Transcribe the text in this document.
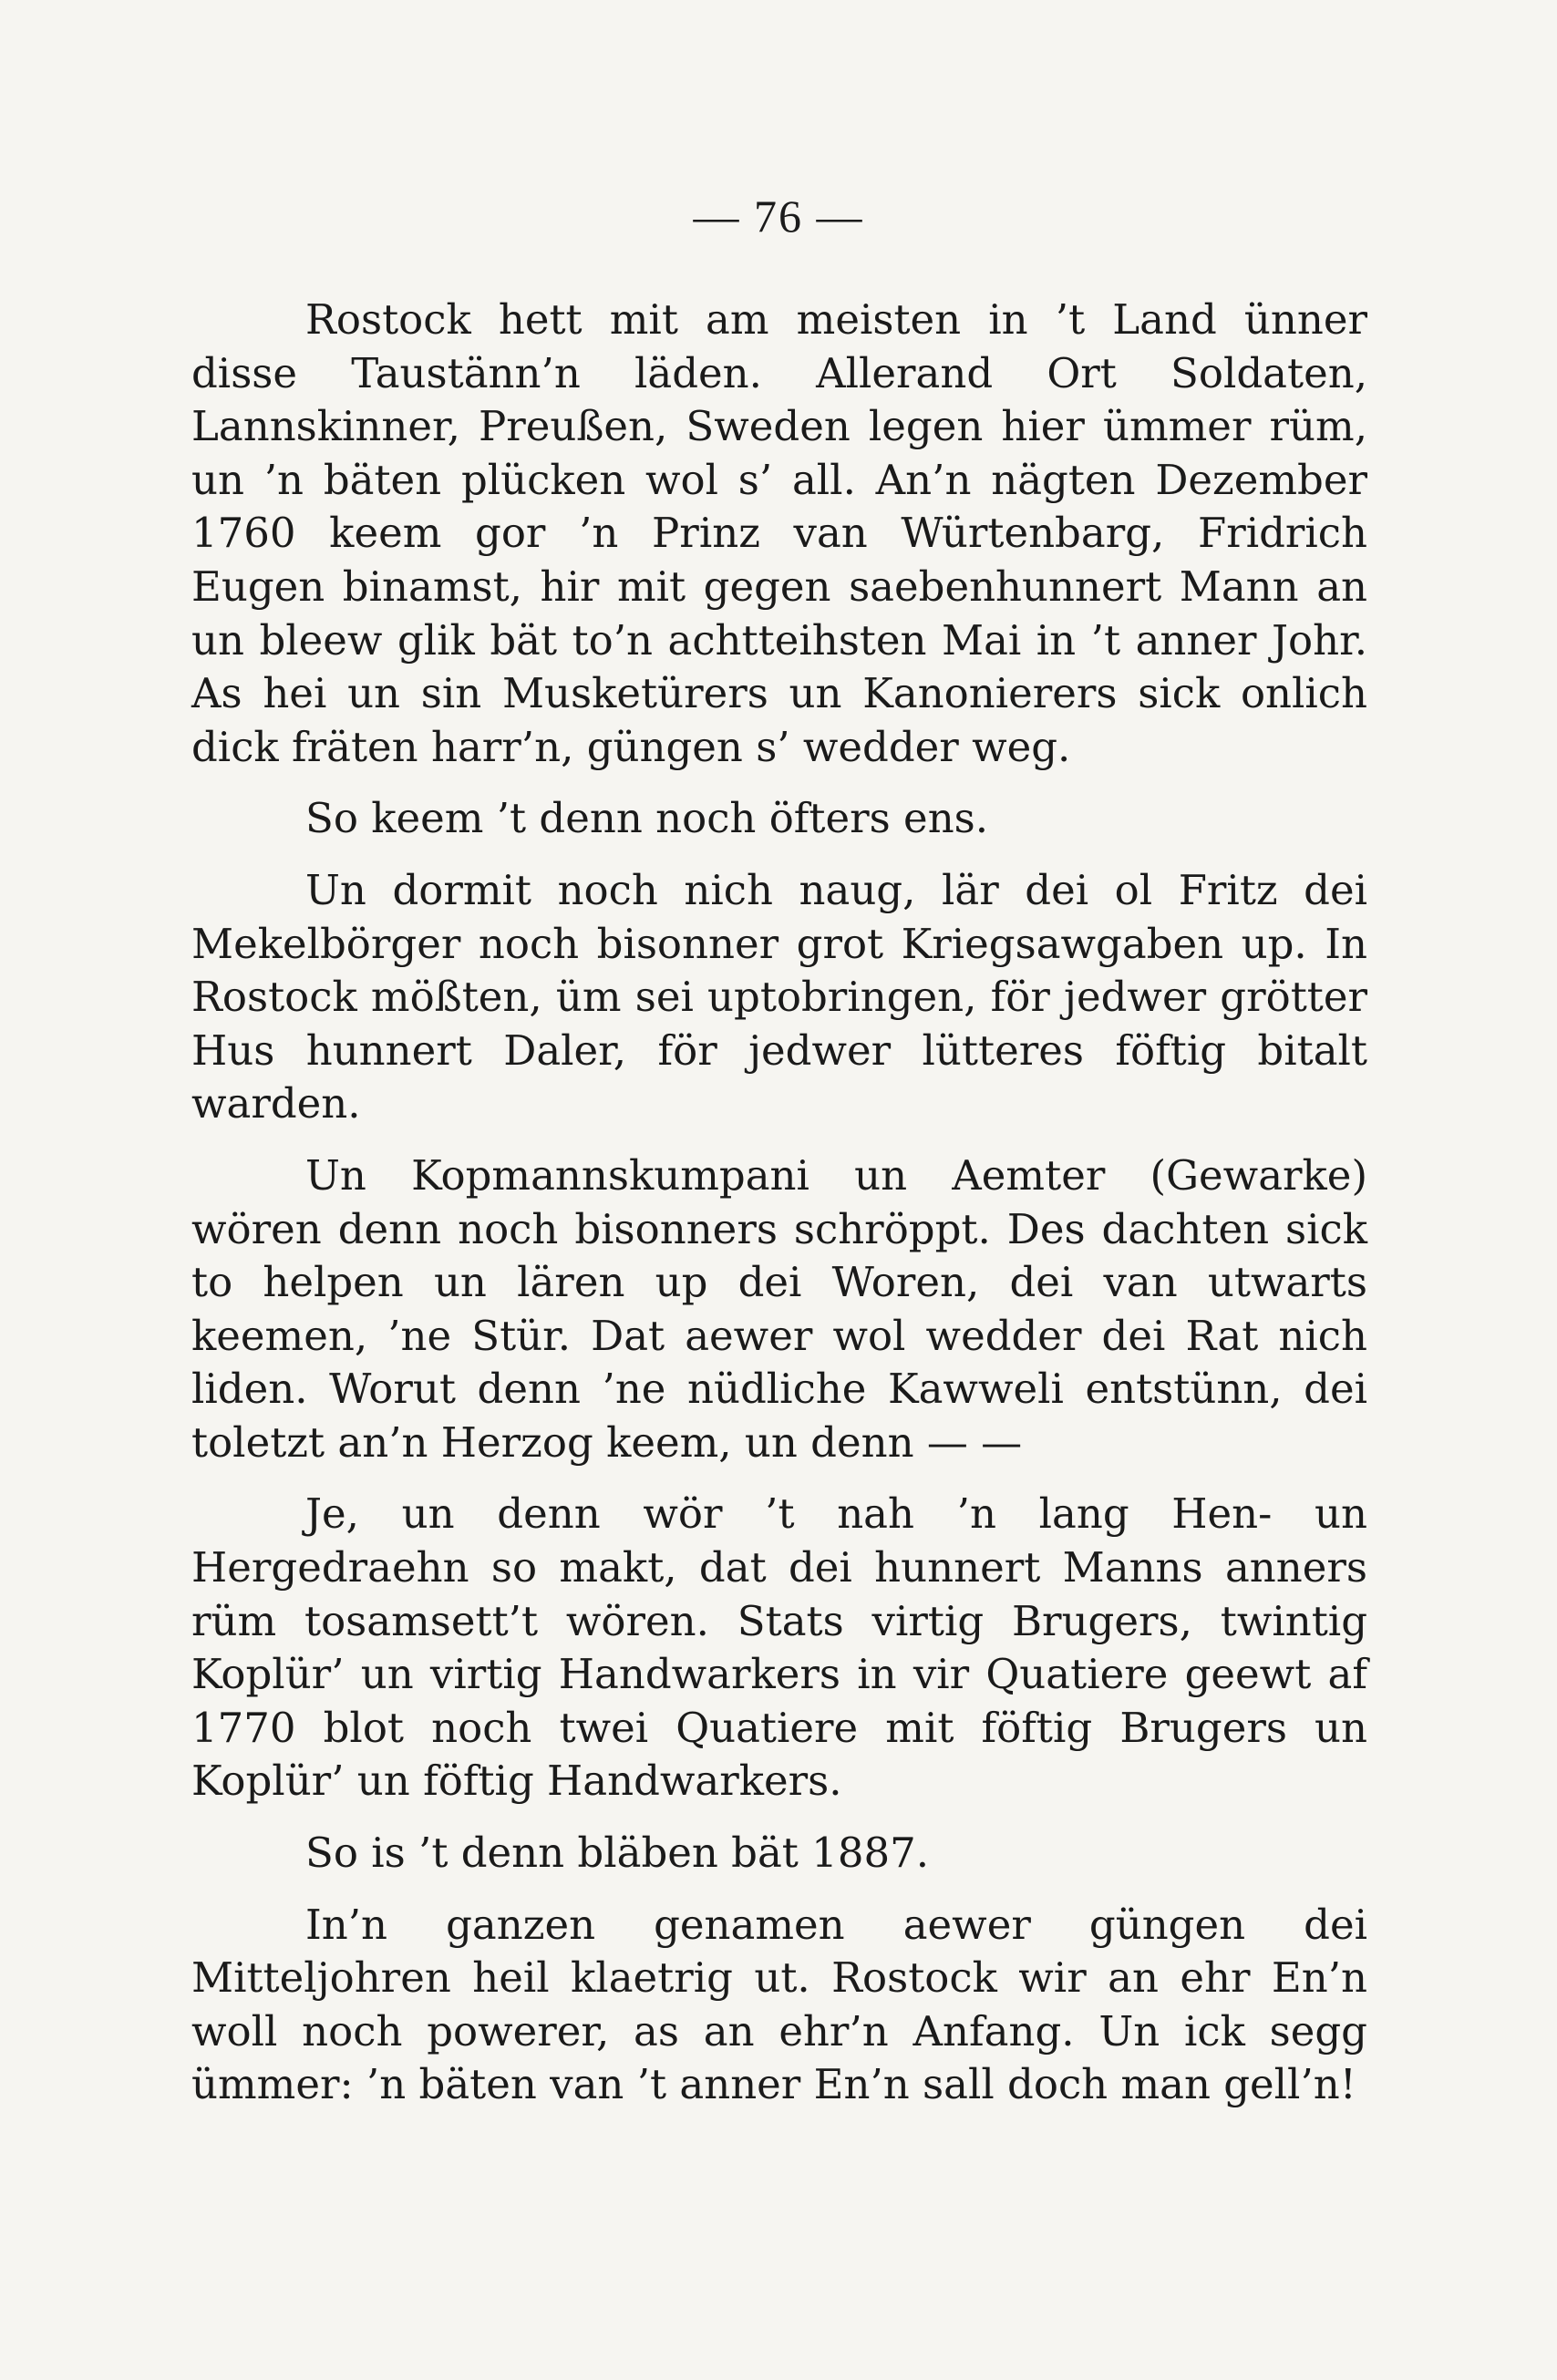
— 76 —

Rostock hett mit am meisten in ’t Land ünner disse Taustänn’n läden. Allerand Ort Soldaten, Lannskinner, Preußen, Sweden legen hier ümmer rüm, un ’n bäten plücken wol s’ all. An’n nägten Dezember 1760 keem gor ’n Prinz van Würtenbarg, Fridrich Eugen binamst, hir mit gegen saebenhunnert Mann an un bleew glik bät to’n achtteihsten Mai in ’t anner Johr. As hei un sin Musketürers un Kanonierers sick onlich dick fräten harr’n, güngen s’ wedder weg.

So keem ’t denn noch öfters ens.

Un dormit noch nich naug, lär dei ol Fritz dei Mekelbörger noch bisonner grot Kriegsawgaben up. In Rostock mößten, üm sei uptobringen, för jedwer grötter Hus hunnert Daler, för jedwer lütteres föftig bitalt warden.

Un Kopmannskumpani un Aemter (Gewarke) wören denn noch bisonners schröppt. Des dachten sick to helpen un lären up dei Woren, dei van utwarts keemen, ’ne Stür. Dat aewer wol wedder dei Rat nich liden. Worut denn ’ne nüdliche Kawweli entstünn, dei toletzt an’n Herzog keem, un denn — —

Je, un denn wör ’t nah ’n lang Hen- un Hergedraehn so makt, dat dei hunnert Manns anners rüm tosamsett’t wören. Stats virtig Brugers, twintig Koplür’ un virtig Handwarkers in vir Quatiere geewt af 1770 blot noch twei Quatiere mit föftig Brugers un Koplür’ un föftig Handwarkers.

So is ’t denn bläben bät 1887.

In’n ganzen genamen aewer güngen dei Mitteljohren heil klaetrig ut. Rostock wir an ehr En’n woll noch powerer, as an ehr’n Anfang. Un ick segg ümmer: ’n bäten van ’t anner En’n sall doch man gell’n!
